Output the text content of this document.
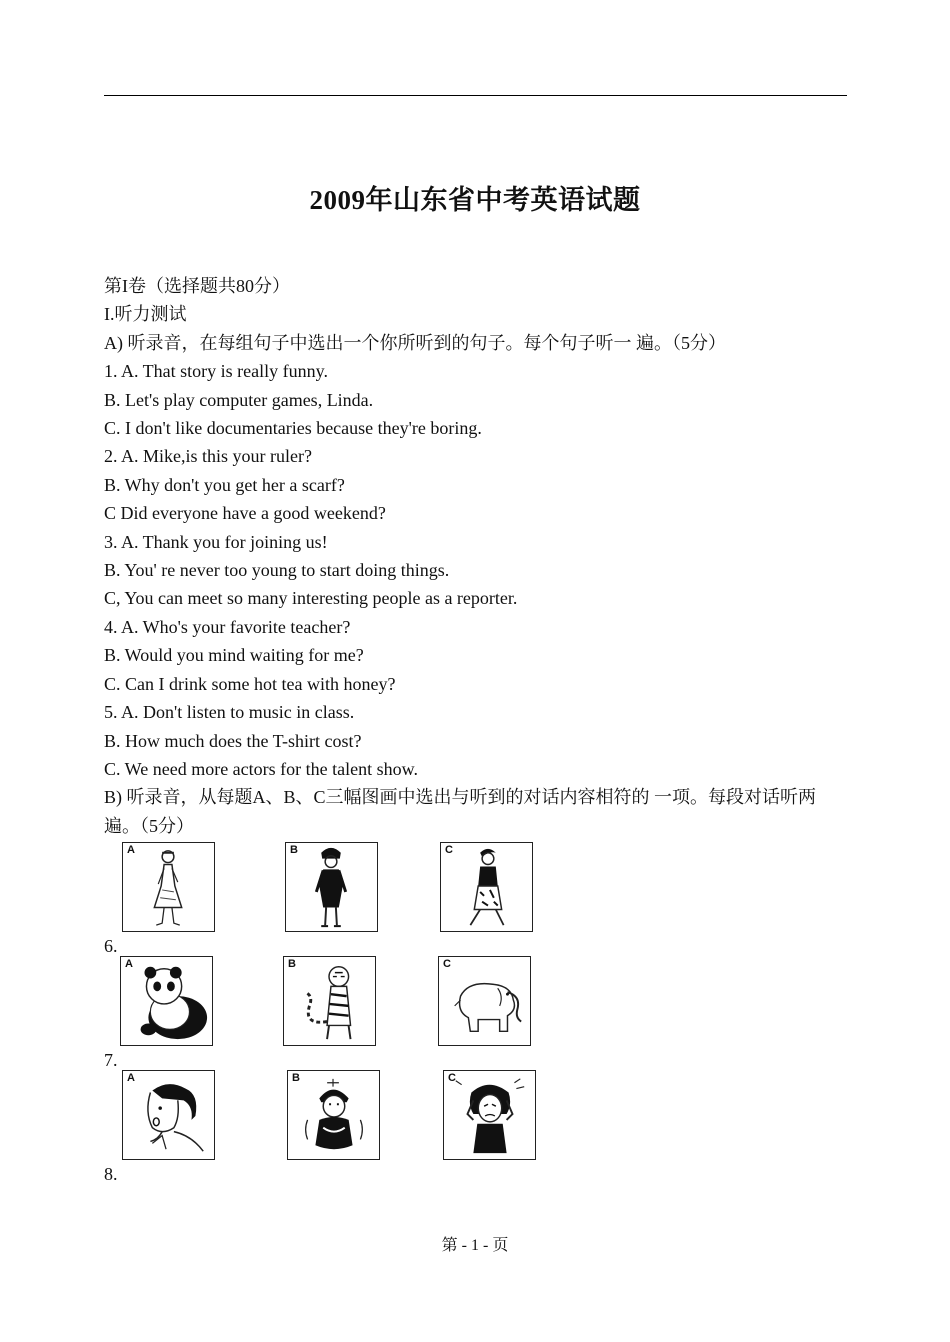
2009年山东省中考英语试题
第I卷（选择题共80分）
I.听力测试
A) 听录音，在每组句子中选出一个你所听到的句子。每个句子听一 遍。（5分）
1. A. That story is really funny.
B. Let's play computer games, Linda.
C. I don't like documentaries because they're boring.
2. A. Mike,is this your ruler?
B. Why don't you get her a scarf?
C Did everyone have a good weekend?
3. A. Thank you for joining us!
B. You' re never too young to start doing things.
C, You can meet so many interesting people as a reporter.
4. A. Who's your favorite teacher?
B. Would you mind waiting for me?
C. Can I drink some hot tea with honey?
5. A. Don't listen to music in class.
B. How much does the T-shirt cost?
C. We need more actors for the talent show.
B) 听录音，从每题A、B、C三幅图画中选出与听到的对话内容相符的 一项。每段对话听两遍。（5分）
A	B	C
6.
A	B	C
7.
A	B	C
8.
第 - 1 - 页
